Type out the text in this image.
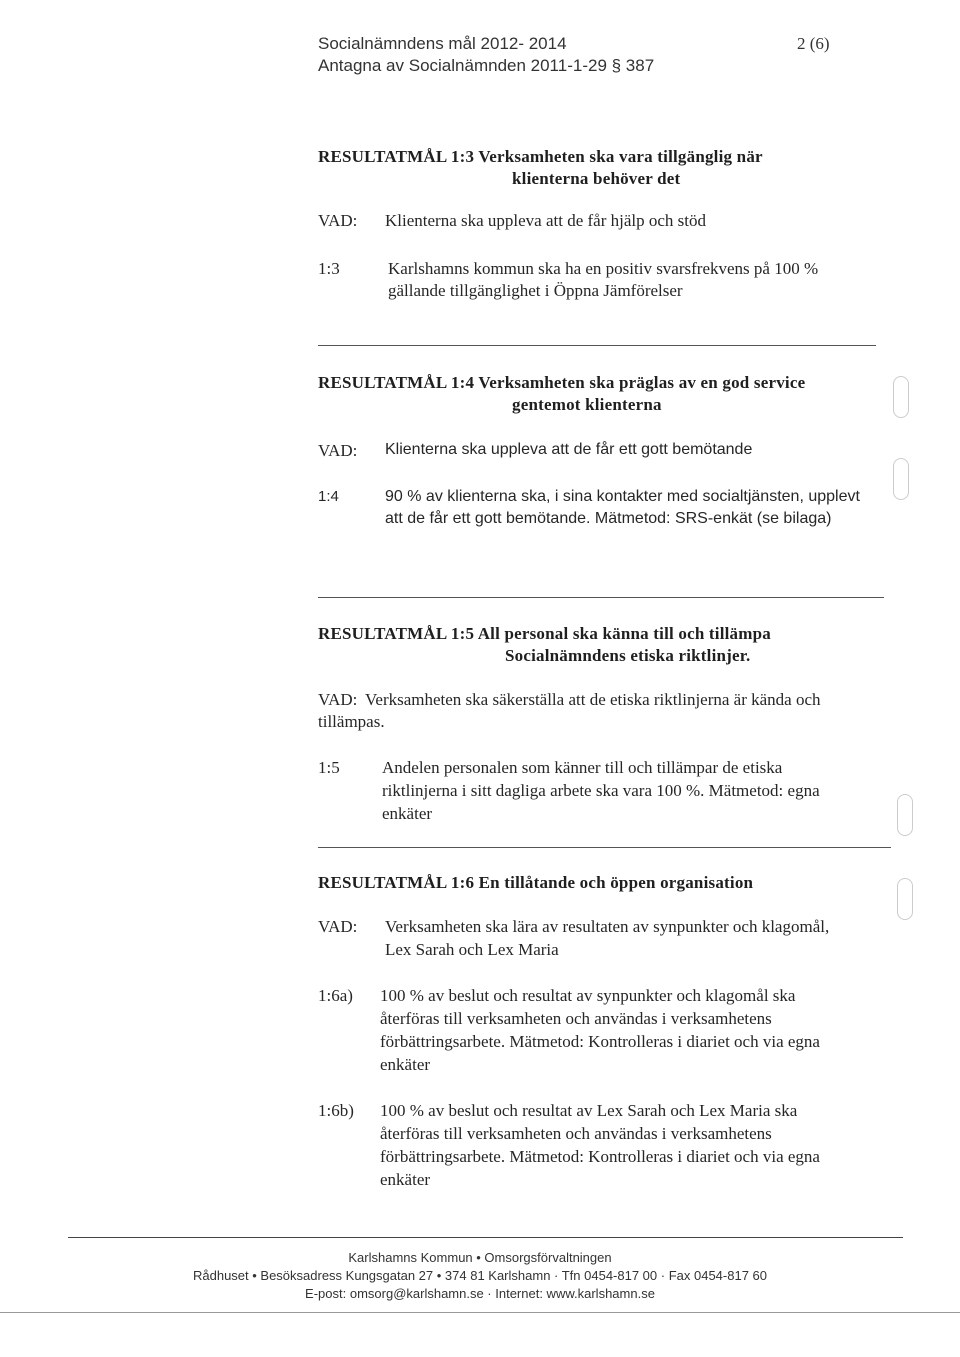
Socialnämndens mål 2012- 2014
Antagna av Socialnämnden 2011-1-29 § 387
2 (6)
RESULTATMÅL 1:3 Verksamheten ska vara tillgänglig när
klienterna behöver det
VAD: Klienterna ska uppleva att de får hjälp och stöd
1:3	Karlshamns kommun ska ha en positiv svarsfrekvens på 100 %
gällande tillgänglighet i Öppna Jämförelser
RESULTATMÅL 1:4 Verksamheten ska präglas av en god service
gentemot klienterna
VAD: Klienterna ska uppleva att de får ett gott bemötande
1:4	90 % av klienterna ska, i sina kontakter med socialtjänsten, upplevt
att de får ett gott bemötande. Mätmetod: SRS-enkät (se bilaga)
RESULTATMÅL 1:5 All personal ska känna till och tillämpa
Socialnämndens etiska riktlinjer.
VAD: Verksamheten ska säkerställa att de etiska riktlinjerna är kända och
tillämpas.
1:5 Andelen personalen som känner till och tillämpar de etiska
riktlinjerna i sitt dagliga arbete ska vara 100 %. Mätmetod: egna
enkäter
RESULTATMÅL 1:6 En tillåtande och öppen organisation
VAD: Verksamheten ska lära av resultaten av synpunkter och klagomål,
Lex Sarah och Lex Maria
1:6a) 100 % av beslut och resultat av synpunkter och klagomål ska
återföras till verksamheten och användas i verksamhetens
förbättringsarbete. Mätmetod: Kontrolleras i diariet och via egna
enkäter
1:6b) 100 % av beslut och resultat av Lex Sarah och Lex Maria ska
återföras till verksamheten och användas i verksamhetens
förbättringsarbete. Mätmetod: Kontrolleras i diariet och via egna
enkäter
Karlshamns Kommun • Omsorgsförvaltningen
Rådhuset • Besöksadress Kungsgatan 27 • 374 81 Karlshamn · Tfn 0454-817 00 · Fax 0454-817 60
E-post: omsorg@karlshamn.se · Internet: www.karlshamn.se
